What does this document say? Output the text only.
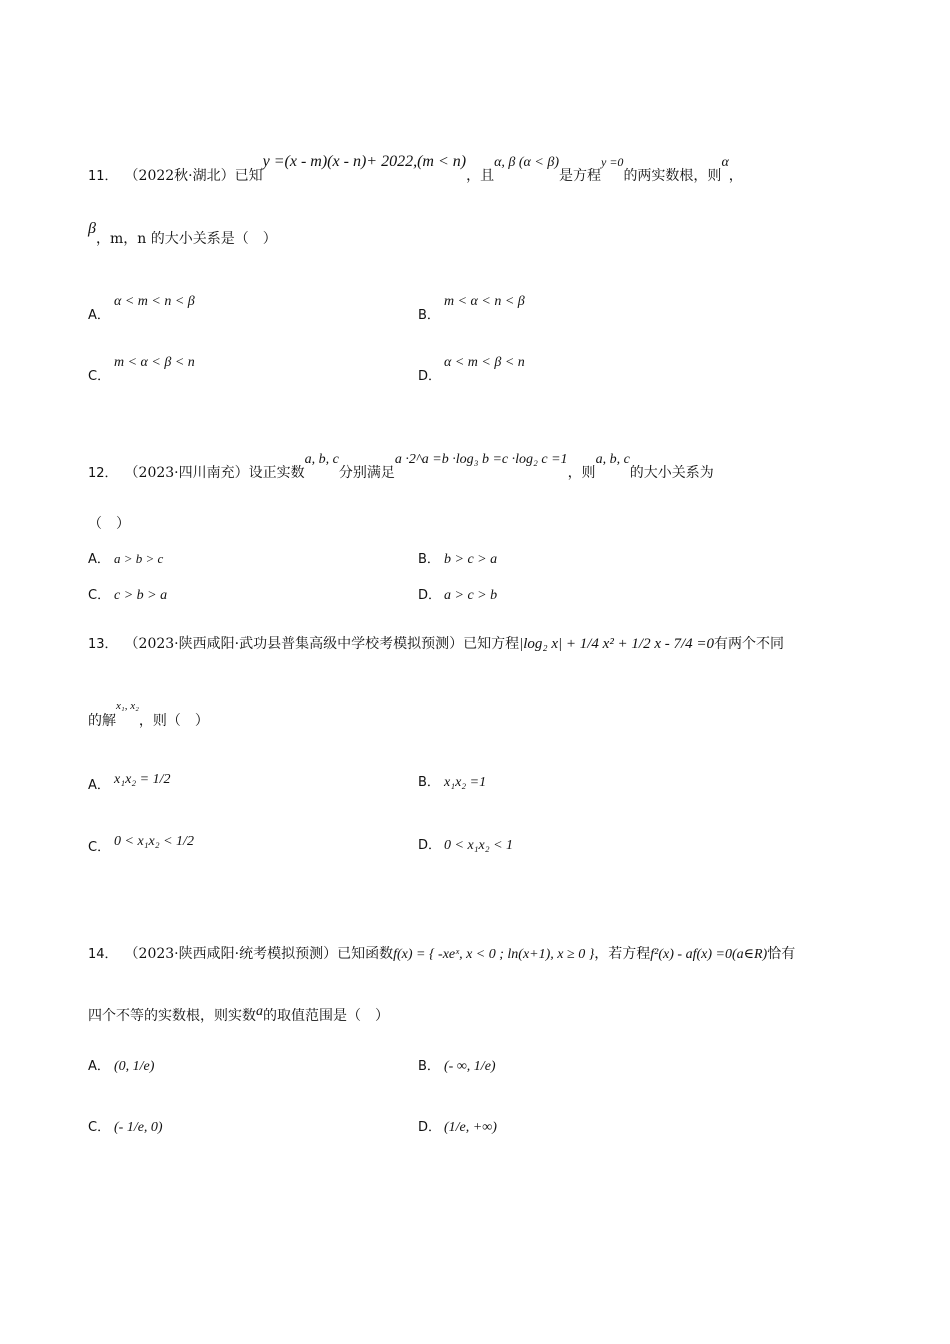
11． （2022秋·湖北）已知y =(x - m)(x - n)+ 2022,(m < n)，且α, β (α < β)是方程y =0的两实数根，则α，
β，m，n 的大小关系是（　）
A．α < m < n < β
B．m < α < n < β
C．m < α < β < n
D．α < m < β < n
12． （2023·四川南充）设正实数a, b, c分别满足a ·2^a =b ·log₃ b =c ·log₂ c =1，则a, b, c的大小关系为
（　）
A． a > b > c	B． b > c > a
C． c > b > a	D． a > c > b
13． （2023·陕西咸阳·武功县普集高级中学校考模拟预测）已知方程|log₂ x| + 1/4 x² + 1/2 x - 7/4 =0有两个不同
的解$^{x_1, x_2}$，则（　）
A． x₁x₂ = 1/2	B． x₁x₂ =1
C． 0 < x₁x₂ < 1/2	D． 0 < x₁x₂ < 1
14． （2023·陕西咸阳·统考模拟预测）已知函数f(x) = { -xeˣ, x < 0 ; ln(x+1), x ≥ 0 }，若方程f²(x) - af(x) =0(a∈R)恰有
四个不等的实数根，则实数a的取值范围是（　）
A． (0, 1/e)	B． (- ∞, 1/e)
C． (- 1/e, 0)	D． (1/e, +∞)
